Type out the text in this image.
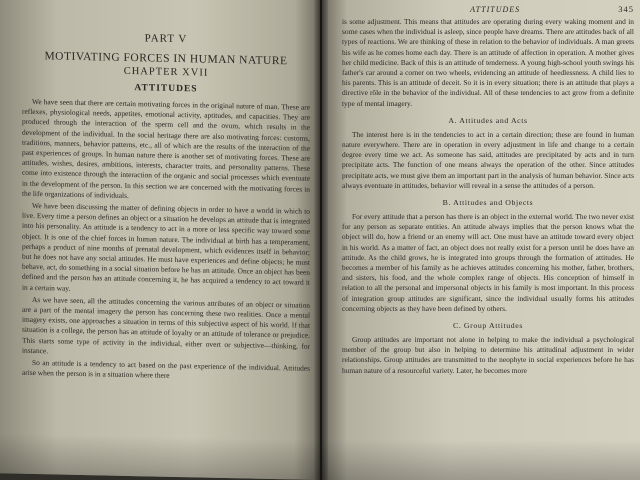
PART V
MOTIVATING FORCES IN HUMAN NATURE
CHAPTER XVII
ATTITUDES

We have seen that there are certain motivating forces in the original nature of man. These are reflexes, physiological needs, appetites, emotional activity, aptitudes, and capacities. They are produced through the interaction of the sperm cell and the ovum, which results in the development of the individual. In the social heritage there are also motivating forces: customs, traditions, manners, behavior patterns, etc., all of which are the results of the interaction of the past experiences of groups. In human nature there is another set of motivating forces. These are attitudes, wishes, desires, ambitions, interests, character traits, and personality patterns. These come into existence through the interaction of the organic and social processes which eventuate in the development of the person. In this section we are concerned with the motivating forces in the life organizations of individuals.

We have been discussing the matter of defining objects in order to have a world in which to live. Every time a person defines an object or a situation he develops an attitude that is integrated into his personality. An attitude is a tendency to act in a more or less specific way toward some object. It is one of the chief forces in human nature. The individual at birth has a temperament, perhaps a product of nine months of prenatal development, which evidences itself in behavior; but he does not have any social attitudes. He must have experiences and define objects; he must behave, act, do something in a social situation before he has an attitude. Once an object has been defined and the person has an attitude concerning it, he has acquired a tendency to act toward it in a certain way.

As we have seen, all the attitudes concerning the various attributes of an object or situation are a part of the mental imagery the person has concerning these two realities. Once a mental imagery exists, one approaches a situation in terms of this subjective aspect of his world. If that situation is a college, the person has an attitude of loyalty or an attitude of tolerance or prejudice. This starts some type of activity in the individual, either overt or subjective—thinking, for instance.

So an attitude is a tendency to act based on the past experience of the individual. Attitudes arise when the person is in a situation where there

ATTITUDES	345

is some adjustment. This means that attitudes are operating during every waking moment and in some cases when the individual is asleep, since people have dreams. There are attitudes back of all types of reactions. We are thinking of these in relation to the behavior of individuals. A man greets his wife as he comes home each day. There is an attitude of affection in operation. A mother gives her child medicine. Back of this is an attitude of tenderness. A young high-school youth swings his father's car around a corner on two wheels, evidencing an attitude of heedlessness. A child lies to his parents. This is an attitude of deceit. So it is in every situation; there is an attitude that plays a directive rôle in the behavior of the individual. All of these tendencies to act grow from a definite type of mental imagery.

A. Attitudes and Acts

The interest here is in the tendencies to act in a certain direction; these are found in human nature everywhere. There are in operation in every adjustment in life and change to a certain degree every time we act. As someone has said, attitudes are precipitated by acts and in turn precipitate acts. The function of one means always the operation of the other. Since attitudes precipitate acts, we must give them an important part in the analysis of human behavior. Since acts always eventuate in attitudes, behavior will reveal in a sense the attitudes of a person.

B. Attitudes and Objects

For every attitude that a person has there is an object in the external world. The two never exist for any person as separate entities. An attitude always implies that the person knows what the object will do, how a friend or an enemy will act. One must have an attitude toward every object in his world. As a matter of fact, an object does not really exist for a person until he does have an attitude. As the child grows, he is integrated into groups through the formation of attitudes. He becomes a member of his family as he achieves attitudes concerning his mother, father, brothers, and sisters, his food, and the whole complex range of objects. His conception of himself in relation to all the personal and impersonal objects in his family is most important. In this process of integration group attitudes are significant, since the individual usually forms his attitudes concerning objects as they have been defined by others.

C. Group Attitudes

Group attitudes are important not alone in helping to make the individual a psychological member of the group but also in helping to determine his attitudinal adjustment in wider relationships. Group attitudes are transmitted to the neophyte in social experiences before he has human nature of a resourceful variety. Later, he becomes more
